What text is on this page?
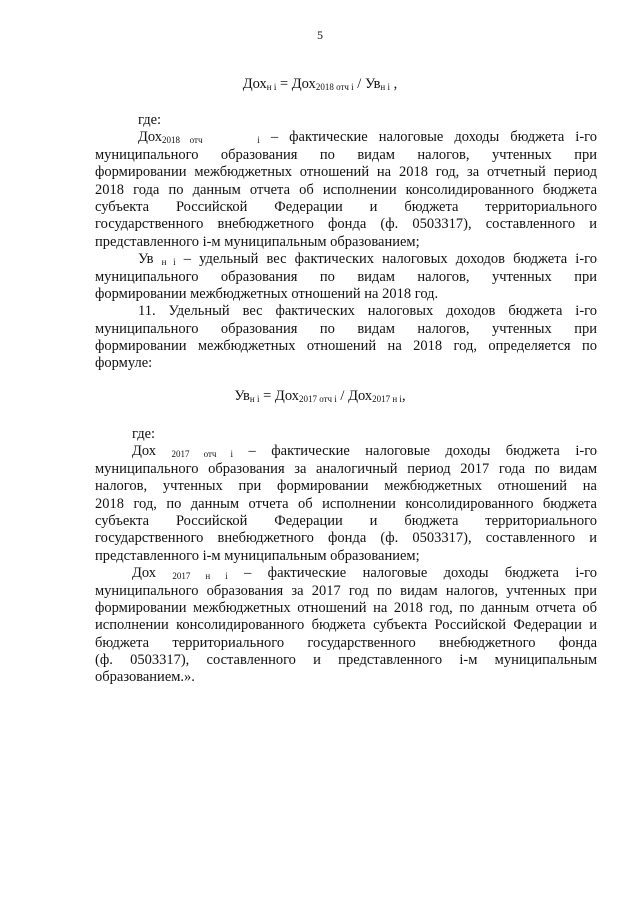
5
$Дох_{н i} = Дох_{2018 отч i} / Ув_{н i}$ ,
где:
Дох$_{2018 отч}$	$_i$ – фактические налоговые доходы бюджета i-го
муниципального образования по видам налогов, учтенных при
формировании межбюджетных отношений на 2018 год, за отчетный период
2018 года по данным отчета об исполнении консолидированного бюджета
субъекта Российской Федерации и бюджета территориального
государственного внебюджетного фонда (ф. 0503317), составленного и
представленного i-м муниципальным образованием;
Ув $_{н i}$ – удельный вес фактических налоговых доходов бюджета i-го
муниципального образования по видам налогов, учтенных при
формировании межбюджетных отношений на 2018 год.
11. Удельный вес фактических налоговых доходов бюджета i-го
муниципального образования по видам налогов, учтенных при
формировании межбюджетных отношений на 2018 год, определяется по
формуле:
$Ув_{н i} = Дох_{2017 отч i} / Дох_{2017 н i}$,
где:
Дох $_{2017 отч i}$ – фактические налоговые доходы бюджета i-го
муниципального образования за аналогичный период 2017 года по видам
налогов, учтенных при формировании межбюджетных отношений на
2018 год, по данным отчета об исполнении консолидированного бюджета
субъекта Российской Федерации и бюджета территориального
государственного внебюджетного фонда (ф. 0503317), составленного и
представленного i-м муниципальным образованием;
Дох $_{2017 н i}$ – фактические налоговые доходы бюджета i-го
муниципального образования за 2017 год по видам налогов, учтенных при
формировании межбюджетных отношений на 2018 год, по данным отчета об
исполнении консолидированного бюджета субъекта Российской Федерации и
бюджета территориального государственного внебюджетного фонда
(ф. 0503317), составленного и представленного i-м муниципальным
образованием.».
